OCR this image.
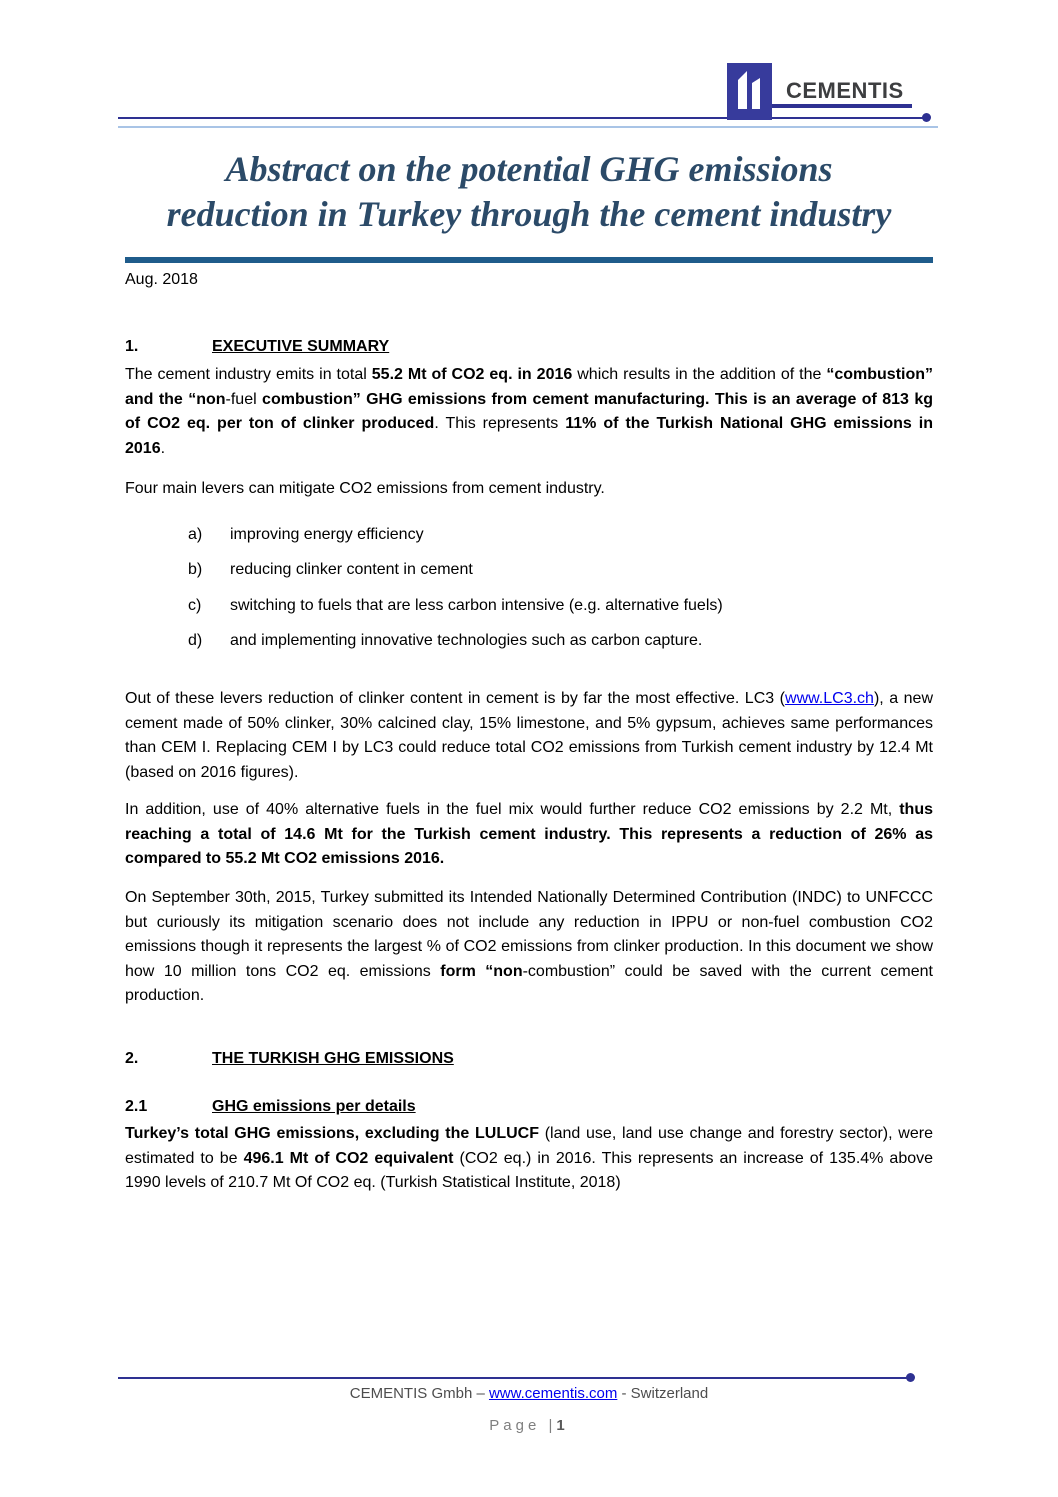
CEMENTIS
Abstract on the potential GHG emissions
reduction in Turkey through the cement industry
Aug. 2018
1.	EXECUTIVE SUMMARY

The cement industry emits in total 55.2 Mt of CO2 eq. in 2016 which results in the addition of the “combustion” and the “non-fuel combustion” GHG emissions from cement manufacturing. This is an average of 813 kg of CO2 eq. per ton of clinker produced. This represents 11% of the Turkish National GHG emissions in 2016.

Four main levers can mitigate CO2 emissions from cement industry.

a)	improving energy efficiency
b)	reducing clinker content in cement
c)	switching to fuels that are less carbon intensive (e.g. alternative fuels)
d)	and implementing innovative technologies such as carbon capture.

Out of these levers reduction of clinker content in cement is by far the most effective. LC3 (www.LC3.ch), a new cement made of 50% clinker, 30% calcined clay, 15% limestone, and 5% gypsum, achieves same performances than CEM I. Replacing CEM I by LC3 could reduce total CO2 emissions from Turkish cement industry by 12.4 Mt (based on 2016 figures).

In addition, use of 40% alternative fuels in the fuel mix would further reduce CO2 emissions by 2.2 Mt, thus reaching a total of 14.6 Mt for the Turkish cement industry. This represents a reduction of 26% as compared to 55.2 Mt CO2 emissions 2016.

On September 30th, 2015, Turkey submitted its Intended Nationally Determined Contribution (INDC) to UNFCCC but curiously its mitigation scenario does not include any reduction in IPPU or non-fuel combustion CO2 emissions though it represents the largest % of CO2 emissions from clinker production. In this document we show how 10 million tons CO2 eq. emissions form “non-combustion” could be saved with the current cement production.

2.	THE TURKISH GHG EMISSIONS
2.1	GHG emissions per details

Turkey’s total GHG emissions, excluding the LULUCF (land use, land use change and forestry sector), were estimated to be 496.1 Mt of CO2 equivalent (CO2 eq.) in 2016. This represents an increase of 135.4% above 1990 levels of 210.7 Mt Of CO2 eq. (Turkish Statistical Institute, 2018)

CEMENTIS Gmbh – www.cementis.com - Switzerland
Page |1
